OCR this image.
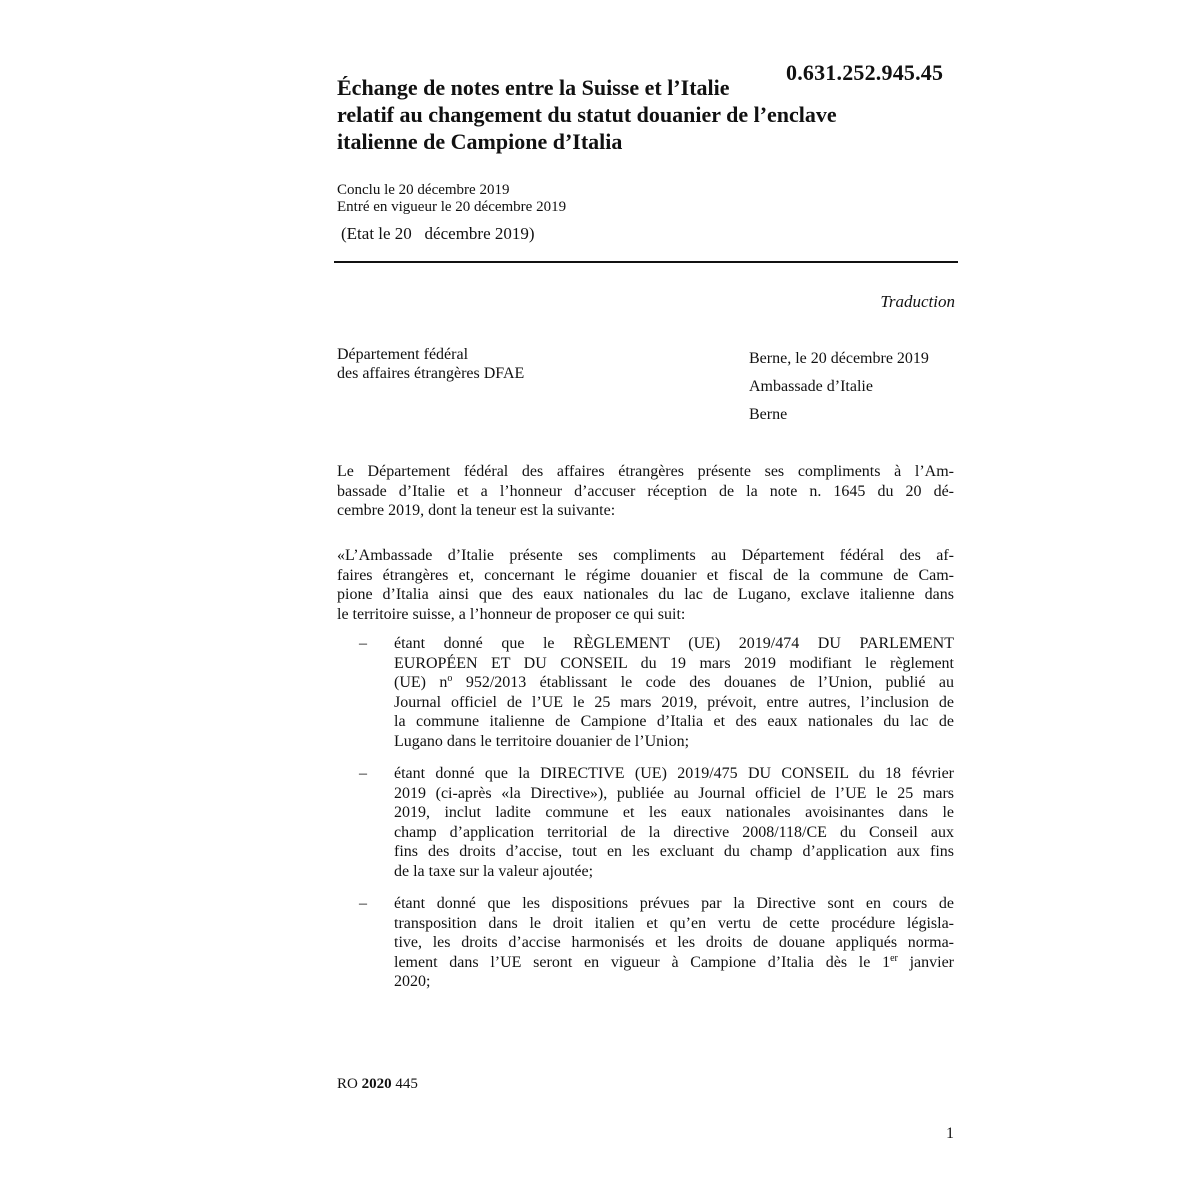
0.631.252.945.45
Échange de notes entre la Suisse et l’Italie
relatif au changement du statut douanier de l’enclave
italienne de Campione d’Italia
Conclu le 20 décembre 2019
Entré en vigueur le 20 décembre 2019
(Etat le 20   décembre 2019)
Traduction
Département fédéral
des affaires étrangères DFAE
Berne, le 20 décembre 2019
Ambassade d’Italie
Berne
Le Département fédéral des affaires étrangères présente ses compliments à l’Am-
bassade d’Italie et a l’honneur d’accuser réception de la note n. 1645 du 20 dé-
cembre 2019, dont la teneur est la suivante:
«L’Ambassade d’Italie présente ses compliments au Département fédéral des af-
faires étrangères et, concernant le régime douanier et fiscal de la commune de Cam-
pione d’Italia ainsi que des eaux nationales du lac de Lugano, exclave italienne dans
le territoire suisse, a l’honneur de proposer ce qui suit:
– étant donné que le RÈGLEMENT (UE) 2019/474 DU PARLEMENT
EUROPÉEN ET DU CONSEIL du 19 mars 2019 modifiant le règlement
(UE) $n^o$ 952/2013 établissant le code des douanes de l’Union, publié au
Journal officiel de l’UE le 25 mars 2019, prévoit, entre autres, l’inclusion de
la commune italienne de Campione d’Italia et des eaux nationales du lac de
Lugano dans le territoire douanier de l’Union;
– étant donné que la DIRECTIVE (UE) 2019/475 DU CONSEIL du 18 février
2019 (ci-après «la Directive»), publiée au Journal officiel de l’UE le 25 mars
2019, inclut ladite commune et les eaux nationales avoisinantes dans le
champ d’application territorial de la directive 2008/118/CE du Conseil aux
fins des droits d’accise, tout en les excluant du champ d’application aux fins
de la taxe sur la valeur ajoutée;
– étant donné que les dispositions prévues par la Directive sont en cours de
transposition dans le droit italien et qu’en vertu de cette procédure législa-
tive, les droits d’accise harmonisés et les droits de douane appliqués norma-
lement dans l’UE seront en vigueur à Campione d’Italia dès le 1er janvier
2020;
RO 2020 445
1
